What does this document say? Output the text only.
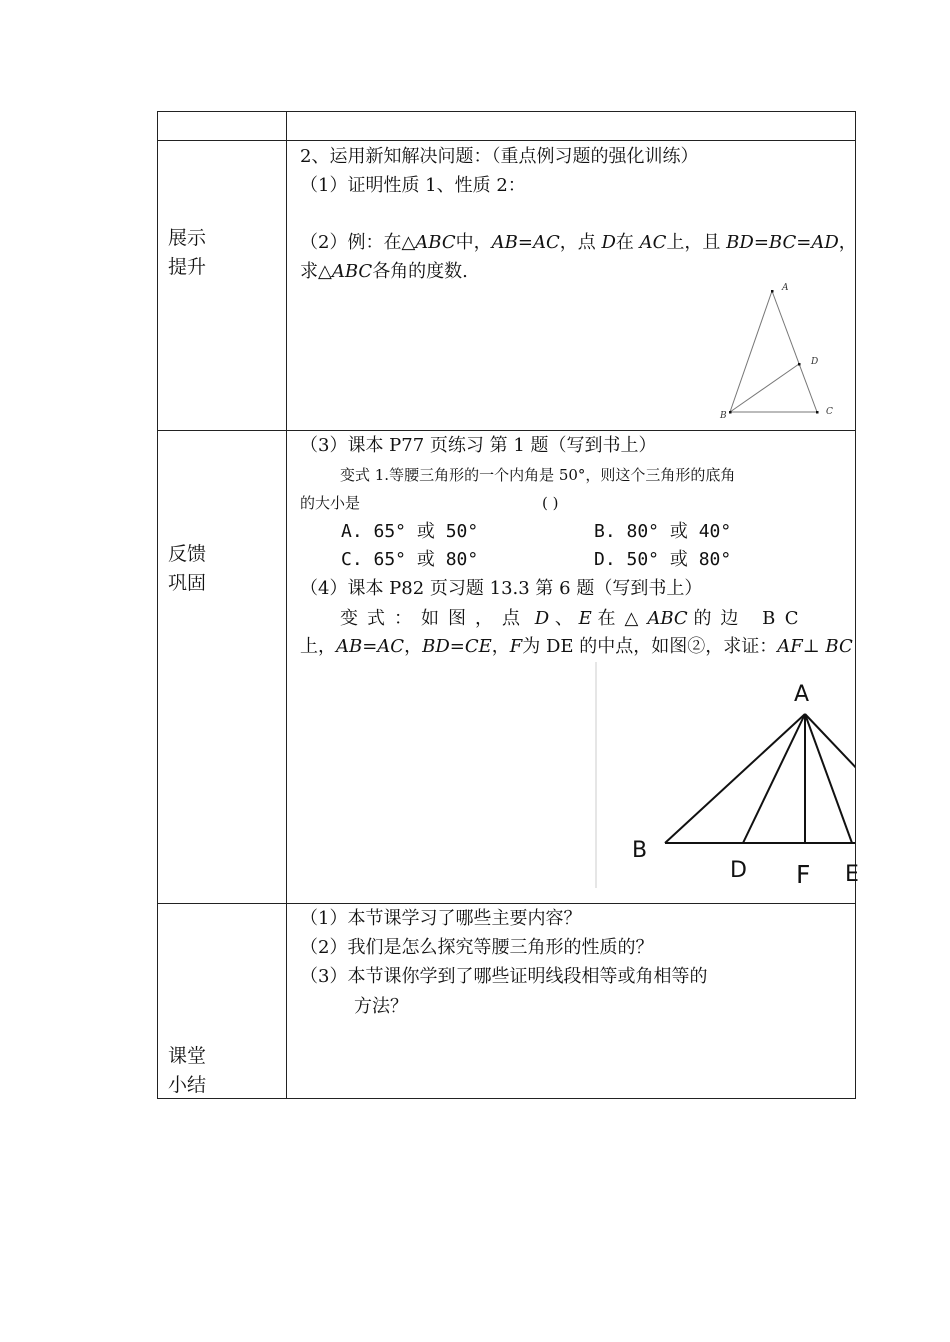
展示
提升
2、运用新知解决问题：（重点例习题的强化训练）
（1）证明性质 1、性质 2：
（2）例：在△ABC中，AB=AC，点 D在 AC上，且 BD=BC=AD，
求△ABC各角的度数.
A
D
B	C
反馈
巩固
（3）课本 P77 页练习 第 1 题（写到书上）
变式 1.等腰三角形的一个内角是 50°，则这个三角形的底角
的大小是	( )
A. 65° 或 50°	B. 80° 或 40°
C. 65° 或 80°	D. 50° 或 80°
（4）课本 P82 页习题 13.3 第 6 题（写到书上）
变式：如图，点 D 、 E 在△ABC 的边 BC
上，AB=AC，BD=CE，F为 DE 的中点，如图②，求证：AF⊥ BC
A
B
D F E
课堂
小结
（1）本节课学习了哪些主要内容？
（2）我们是怎么探究等腰三角形的性质的？
（3）本节课你学到了哪些证明线段相等或角相等的
方法？
